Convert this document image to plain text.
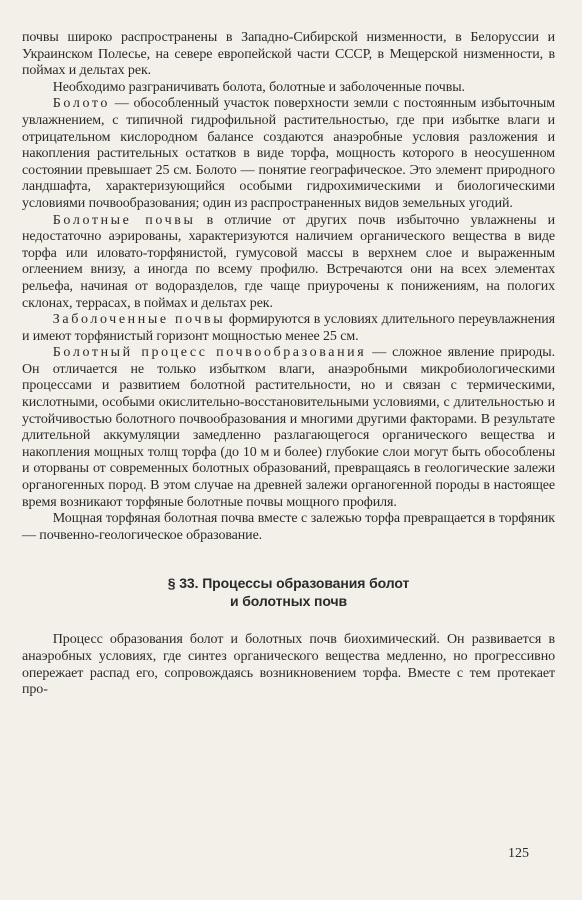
почвы широко распространены в Западно-Сибирской низменности, в Белоруссии и Украинском Полесье, на севере европейской части СССР, в Мещерской низменности, в поймах и дельтах рек.

Необходимо разграничивать болота, болотные и заболоченные почвы.

Болото — обособленный участок поверхности земли с постоянным избыточным увлажнением, с типичной гидрофильной растительностью, где при избытке влаги и отрицательном кислородном балансе создаются анаэробные условия разложения и накопления растительных остатков в виде торфа, мощность которого в неосушенном состоянии превышает 25 см. Болото — понятие географическое. Это элемент природного ландшафта, характеризующийся особыми гидрохимическими и биологическими условиями почвообразования; один из распространенных видов земельных угодий.

Болотные почвы в отличие от других почв избыточно увлажнены и недостаточно аэрированы, характеризуются наличием органического вещества в виде торфа или иловато-торфянистой, гумусовой массы в верхнем слое и выраженным оглеением внизу, а иногда по всему профилю. Встречаются они на всех элементах рельефа, начиная от водоразделов, где чаще приурочены к понижениям, на пологих склонах, террасах, в поймах и дельтах рек.

Заболоченные почвы формируются в условиях длительного переувлажнения и имеют торфянистый горизонт мощностью менее 25 см.

Болотный процесс почвообразования — сложное явление природы. Он отличается не только избытком влаги, анаэробными микробиологическими процессами и развитием болотной растительности, но и связан с термическими, кислотными, особыми окислительно-восстановительными условиями, с длительностью и устойчивостью болотного почвообразования и многими другими факторами. В результате длительной аккумуляции замедленно разлагающегося органического вещества и накопления мощных толщ торфа (до 10 м и более) глубокие слои могут быть обособлены и оторваны от современных болотных образований, превращаясь в геологические залежи органогенных пород. В этом случае на древней залежи органогенной породы в настоящее время возникают торфяные болотные почвы мощного профиля.

Мощная торфяная болотная почва вместе с залежью торфа превращается в торфяник — почвенно-геологическое образование.

§ 33. Процессы образования болот
и болотных почв

Процесс образования болот и болотных почв биохимический. Он развивается в анаэробных условиях, где синтез органического вещества медленно, но прогрессивно опережает распад его, сопровождаясь возникновением торфа. Вместе с тем протекает про-

125
